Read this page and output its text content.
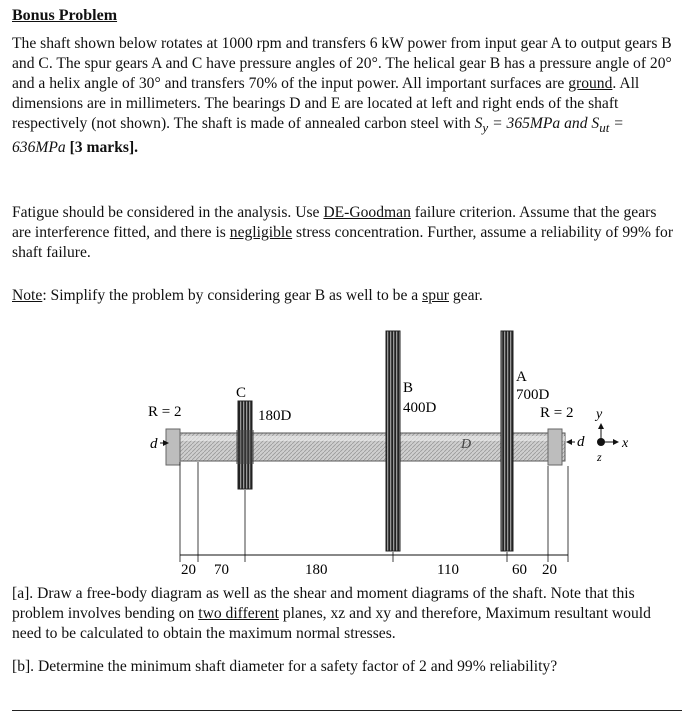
Bonus Problem

The shaft shown below rotates at 1000 rpm and transfers 6 kW power from input gear A to output gears B and C. The spur gears A and C have pressure angles of 20°. The helical gear B has a pressure angle of 20° and a helix angle of 30° and transfers 70% of the input power. All important surfaces are ground. All dimensions are in millimeters. The bearings D and E are located at left and right ends of the shaft respectively (not shown). The shaft is made of annealed carbon steel with $S_y = 365MPa$ and $S_{ut} = 636MPa$ [3 marks].

Fatigue should be considered in the analysis. Use DE-Goodman failure criterion. Assume that the gears are interference fitted, and there is negligible stress concentration. Further, assume a reliability of 99% for shaft failure.

Note: Simplify the problem by considering gear B as well to be a spur gear.

C
180D
B
400D
A
700D
R = 2	R = 2
d	d
D
y
x
z
20 70	180	110	60 20

[a]. Draw a free-body diagram as well as the shear and moment diagrams of the shaft. Note that this problem involves bending on two different planes, xz and xy and therefore, Maximum resultant would need to be calculated to obtain the maximum normal stresses.

[b]. Determine the minimum shaft diameter for a safety factor of 2 and 99% reliability?
